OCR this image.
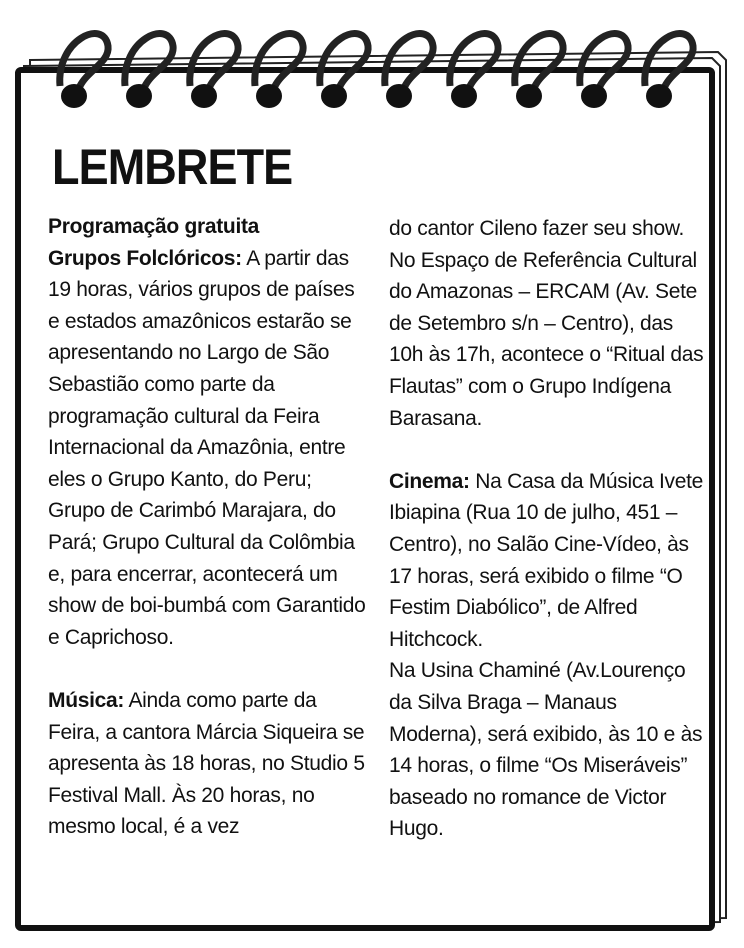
LEMBRETE

Programação gratuita

Grupos Folclóricos: A partir das 19 horas, vários grupos de países e estados amazônicos estarão se apresentando no Largo de São Sebastião como parte da programação cultural da Feira Internacional da Amazônia, entre eles o Grupo Kanto, do Peru; Grupo de Carimbó Marajara, do Pará; Grupo Cultural da Colômbia e, para encerrar, acontecerá um show de boi-bumbá com Garantido e Caprichoso.

Música: Ainda como parte da Feira, a cantora Márcia Siqueira se apresenta às 18 horas, no Studio 5 Festival Mall. Às 20 horas, no mesmo local, é a vez

do cantor Cileno fazer seu show. No Espaço de Referência Cultural do Amazonas – ERCAM (Av. Sete de Setembro s/n – Centro), das 10h às 17h, acontece o “Ritual das Flautas” com o Grupo Indígena Barasana.

Cinema: Na Casa da Música Ivete Ibiapina (Rua 10 de julho, 451 – Centro), no Salão Cine-Vídeo, às 17 horas, será exibido o filme “O Festim Diabólico”, de Alfred Hitchcock.

Na Usina Chaminé (Av.Lourenço da Silva Braga – Manaus Moderna), será exibido, às 10 e às 14 horas, o filme “Os Miseráveis” baseado no romance de Victor Hugo.
